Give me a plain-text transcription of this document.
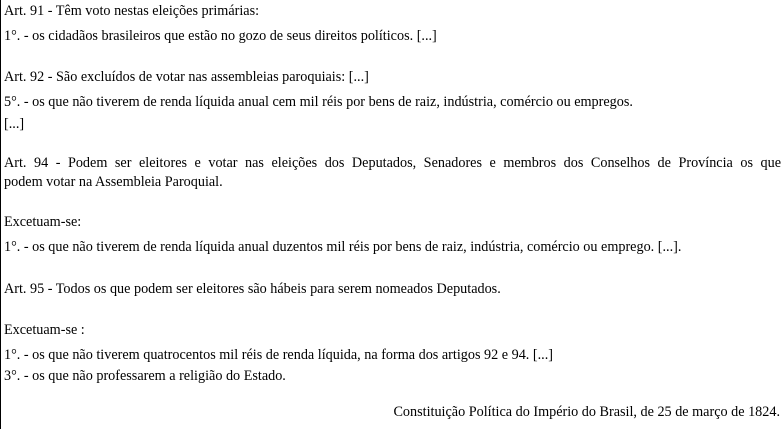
Art. 91 - Têm voto nestas eleições primárias:
1°. - os cidadãos brasileiros que estão no gozo de seus direitos políticos. [...]
Art. 92 - São excluídos de votar nas assembleias paroquiais: [...]
5°. - os que não tiverem de renda líquida anual cem mil réis por bens de raiz, indústria, comércio ou empregos.
[...]
Art. 94 - Podem ser eleitores e votar nas eleições dos Deputados, Senadores e membros dos Conselhos de Província os que
podem votar na Assembleia Paroquial.
Excetuam-se:
1°. - os que não tiverem de renda líquida anual duzentos mil réis por bens de raiz, indústria, comércio ou emprego. [...].
Art. 95 - Todos os que podem ser eleitores são hábeis para serem nomeados Deputados.
Excetuam-se :
1°. - os que não tiverem quatrocentos mil réis de renda líquida, na forma dos artigos 92 e 94. [...]
3°. - os que não professarem a religião do Estado.
Constituição Política do Império do Brasil, de 25 de março de 1824.
